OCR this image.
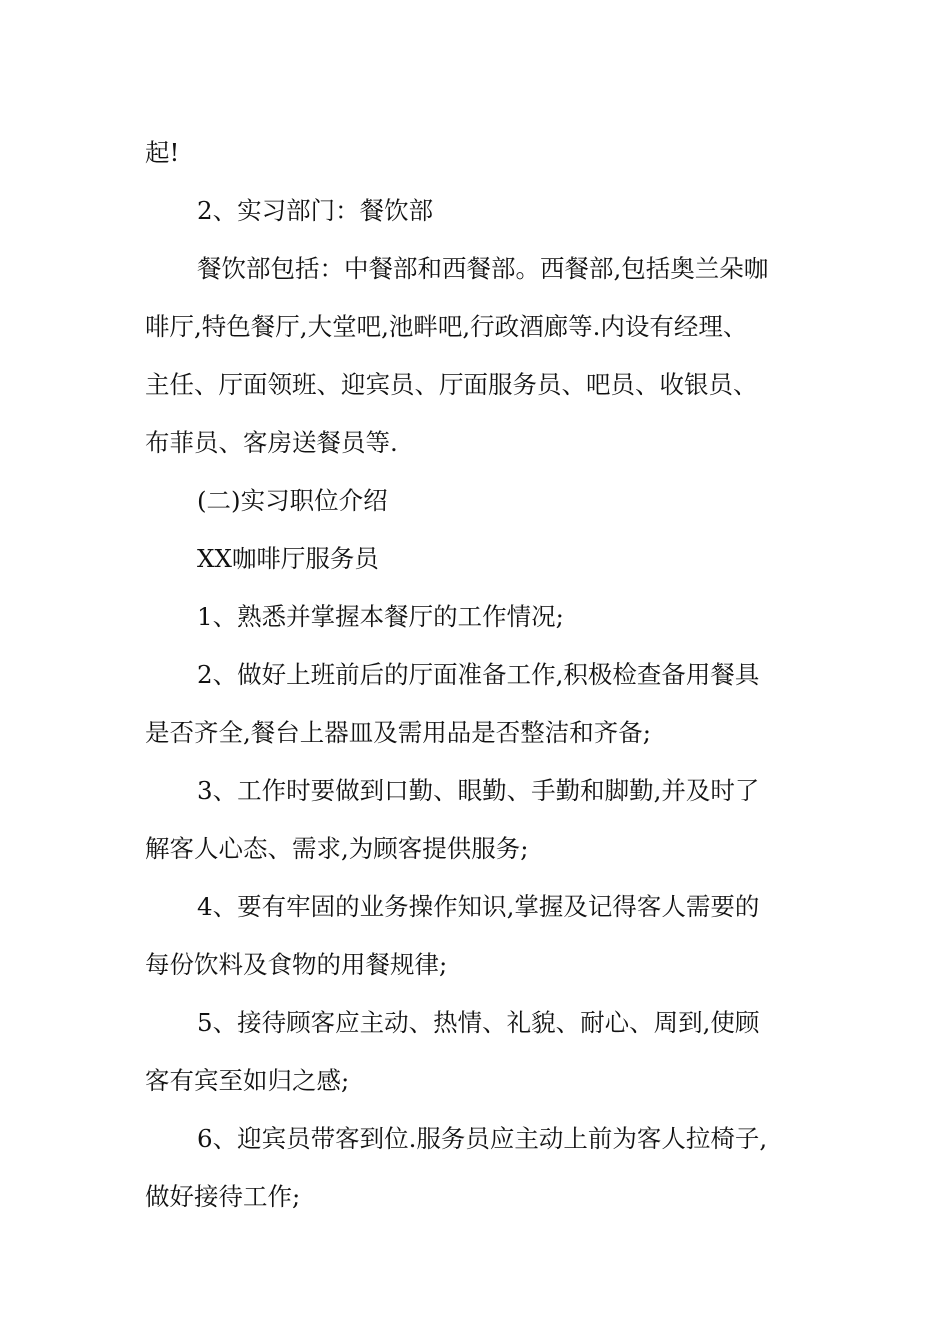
起!

2、实习部门：餐饮部

餐饮部包括：中餐部和西餐部。西餐部,包括奥兰朵咖

啡厅,特色餐厅,大堂吧,池畔吧,行政酒廊等.内设有经理、

主任、厅面领班、迎宾员、厅面服务员、吧员、收银员、

布菲员、客房送餐员等.

(二)实习职位介绍

XX咖啡厅服务员

1、熟悉并掌握本餐厅的工作情况;

2、做好上班前后的厅面准备工作,积极检查备用餐具

是否齐全,餐台上器皿及需用品是否整洁和齐备;

3、工作时要做到口勤、眼勤、手勤和脚勤,并及时了

解客人心态、需求,为顾客提供服务;

4、要有牢固的业务操作知识,掌握及记得客人需要的

每份饮料及食物的用餐规律;

5、接待顾客应主动、热情、礼貌、耐心、周到,使顾

客有宾至如归之感;

6、迎宾员带客到位.服务员应主动上前为客人拉椅子,

做好接待工作;
